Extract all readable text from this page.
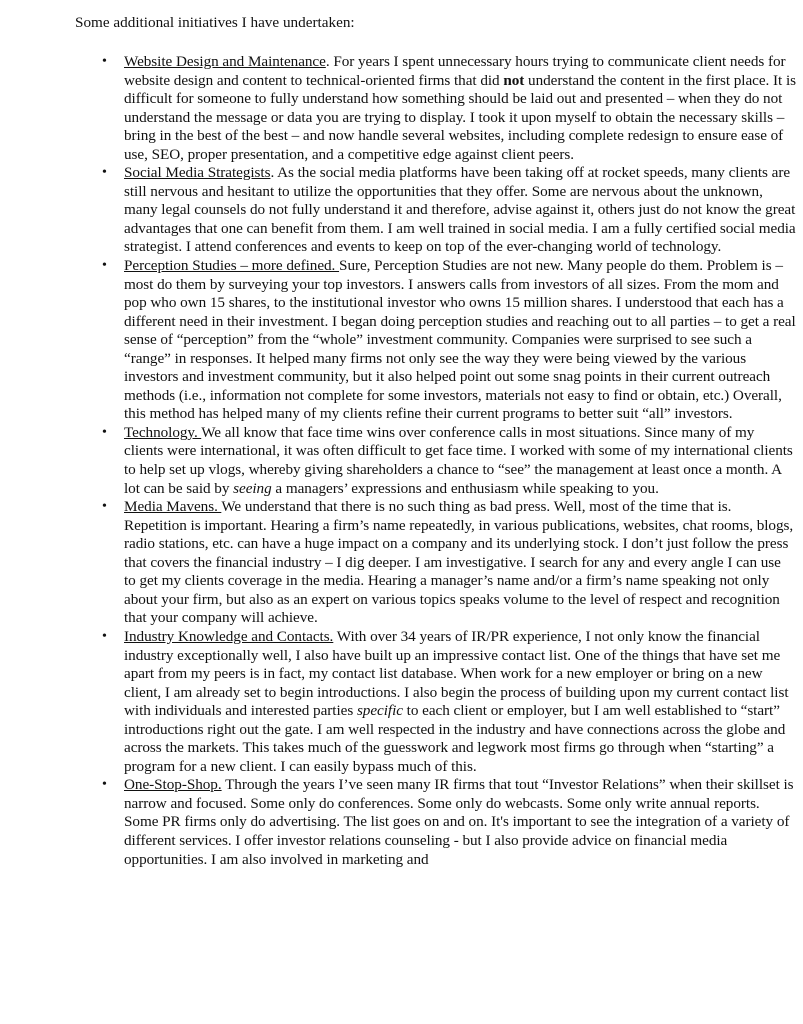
Some additional initiatives I have undertaken:
• Website Design and Maintenance. For years I spent unnecessary hours trying to communicate client needs for website design and content to technical-oriented firms that did not understand the content in the first place. It is difficult for someone to fully understand how something should be laid out and presented – when they do not understand the message or data you are trying to display. I took it upon myself to obtain the necessary skills – bring in the best of the best – and now handle several websites, including complete redesign to ensure ease of use, SEO, proper presentation, and a competitive edge against client peers.
• Social Media Strategists. As the social media platforms have been taking off at rocket speeds, many clients are still nervous and hesitant to utilize the opportunities that they offer. Some are nervous about the unknown, many legal counsels do not fully understand it and therefore, advise against it, others just do not know the great advantages that one can benefit from them. I am well trained in social media. I am a fully certified social media strategist. I attend conferences and events to keep on top of the ever-changing world of technology.
• Perception Studies – more defined. Sure, Perception Studies are not new. Many people do them. Problem is – most do them by surveying your top investors. I answers calls from investors of all sizes. From the mom and pop who own 15 shares, to the institutional investor who owns 15 million shares. I understood that each has a different need in their investment. I began doing perception studies and reaching out to all parties – to get a real sense of “perception” from the “whole” investment community. Companies were surprised to see such a “range” in responses. It helped many firms not only see the way they were being viewed by the various investors and investment community, but it also helped point out some snag points in their current outreach methods (i.e., information not complete for some investors, materials not easy to find or obtain, etc.) Overall, this method has helped many of my clients refine their current programs to better suit “all” investors.
• Technology. We all know that face time wins over conference calls in most situations. Since many of my clients were international, it was often difficult to get face time. I worked with some of my international clients to help set up vlogs, whereby giving shareholders a chance to “see” the management at least once a month. A lot can be said by seeing a managers’ expressions and enthusiasm while speaking to you.
• Media Mavens. We understand that there is no such thing as bad press. Well, most of the time that is. Repetition is important. Hearing a firm’s name repeatedly, in various publications, websites, chat rooms, blogs, radio stations, etc. can have a huge impact on a company and its underlying stock. I don’t just follow the press that covers the financial industry – I dig deeper. I am investigative. I search for any and every angle I can use to get my clients coverage in the media. Hearing a manager’s name and/or a firm’s name speaking not only about your firm, but also as an expert on various topics speaks volume to the level of respect and recognition that your company will achieve.
• Industry Knowledge and Contacts. With over 34 years of IR/PR experience, I not only know the financial industry exceptionally well, I also have built up an impressive contact list. One of the things that have set me apart from my peers is in fact, my contact list database. When work for a new employer or bring on a new client, I am already set to begin introductions. I also begin the process of building upon my current contact list with individuals and interested parties specific to each client or employer, but I am well established to “start” introductions right out the gate. I am well respected in the industry and have connections across the globe and across the markets. This takes much of the guesswork and legwork most firms go through when “starting” a program for a new client. I can easily bypass much of this.
• One-Stop-Shop. Through the years I’ve seen many IR firms that tout “Investor Relations” when their skillset is narrow and focused. Some only do conferences. Some only do webcasts. Some only write annual reports. Some PR firms only do advertising. The list goes on and on. It's important to see the integration of a variety of different services. I offer investor relations counseling - but I also provide advice on financial media opportunities. I am also involved in marketing and
